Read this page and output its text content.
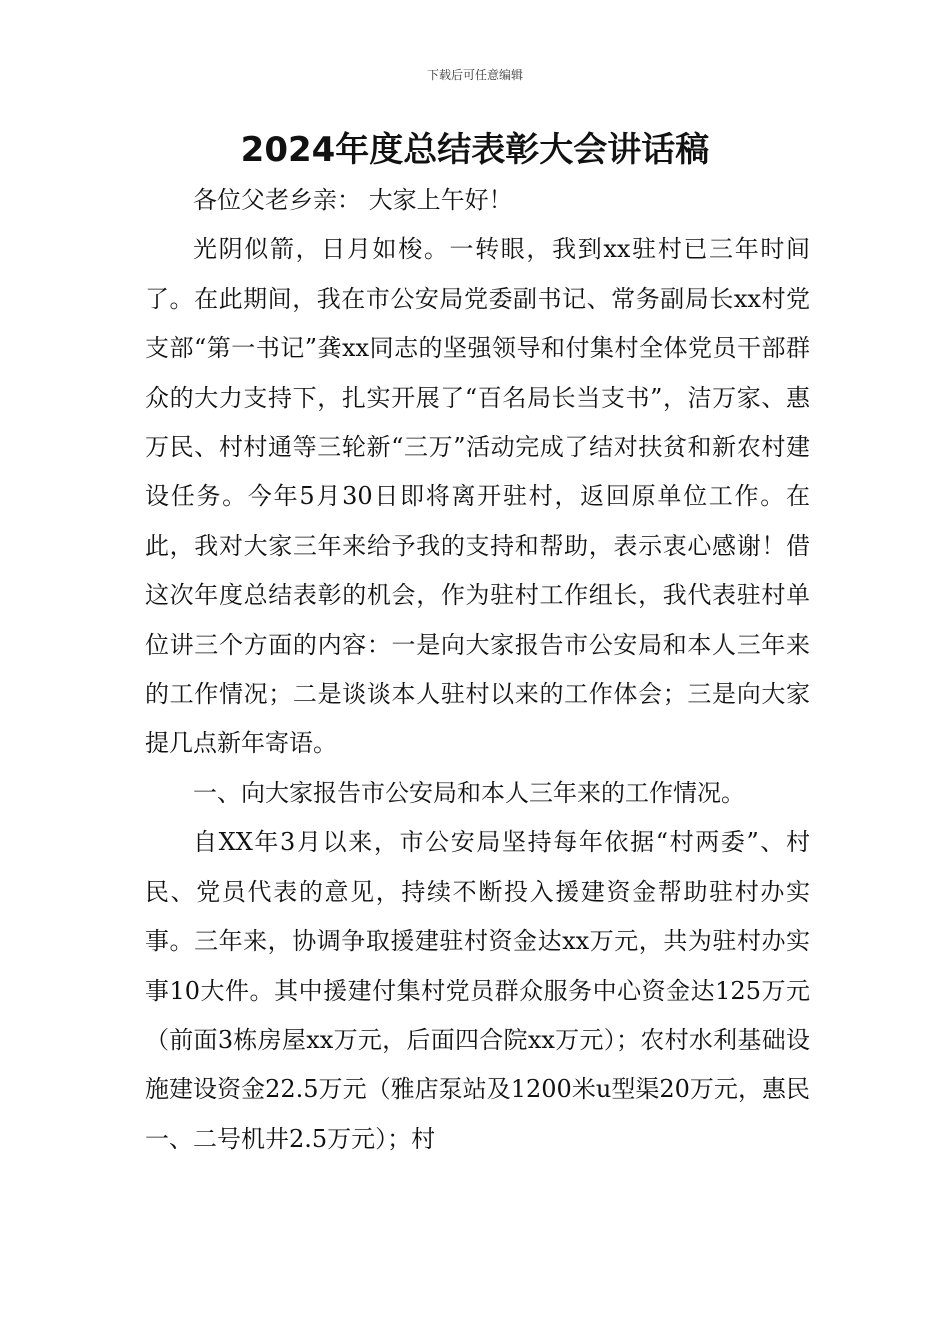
下载后可任意编辑
2024年度总结表彰大会讲话稿

各位父老乡亲： 大家上午好！

光阴似箭，日月如梭。一转眼，我到xx驻村已三年时间了。在此期间，我在市公安局党委副书记、常务副局长xx村党支部“第一书记”龚xx同志的坚强领导和付集村全体党员干部群众的大力支持下，扎实开展了“百名局长当支书”，洁万家、惠万民、村村通等三轮新“三万”活动完成了结对扶贫和新农村建设任务。今年5月30日即将离开驻村，返回原单位工作。在此，我对大家三年来给予我的支持和帮助，表示衷心感谢！借这次年度总结表彰的机会，作为驻村工作组长，我代表驻村单位讲三个方面的内容：一是向大家报告市公安局和本人三年来的工作情况；二是谈谈本人驻村以来的工作体会；三是向大家提几点新年寄语。

一、向大家报告市公安局和本人三年来的工作情况。

自XX年3月以来，市公安局坚持每年依据“村两委”、村民、党员代表的意见，持续不断投入援建资金帮助驻村办实事。三年来，协调争取援建驻村资金达xx万元，共为驻村办实事10大件。其中援建付集村党员群众服务中心资金达125万元（前面3栋房屋xx万元，后面四合院xx万元）；农村水利基础设施建设资金22.5万元（雅店泵站及1200米u型渠20万元，惠民一、二号机井2.5万元）；村
